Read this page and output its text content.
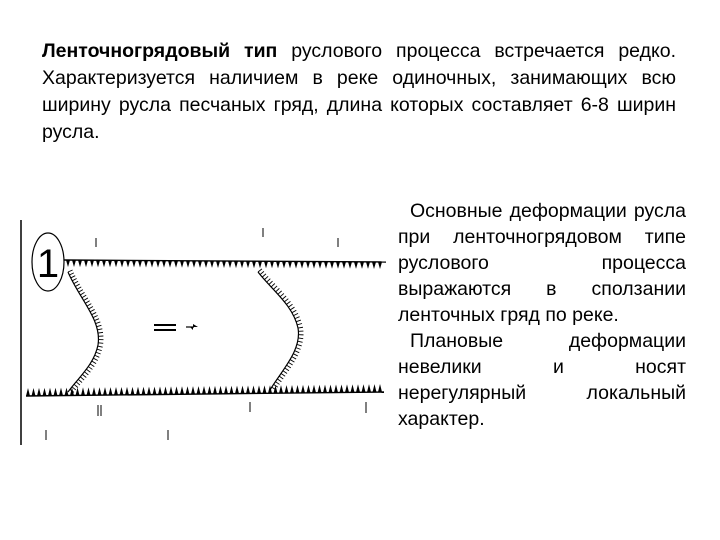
Ленточногрядовый тип руслового процесса встречается редко. Характеризуется наличием в реке одиночных, занимающих всю ширину русла песчаных гряд, длина которых составляет 6-8 ширин русла.

1

Основные деформации русла при ленточногрядовом типе руслового процесса выражаются в сползании ленточных гряд по реке.

Плановые деформации невелики и носят нерегулярный локальный характер.
